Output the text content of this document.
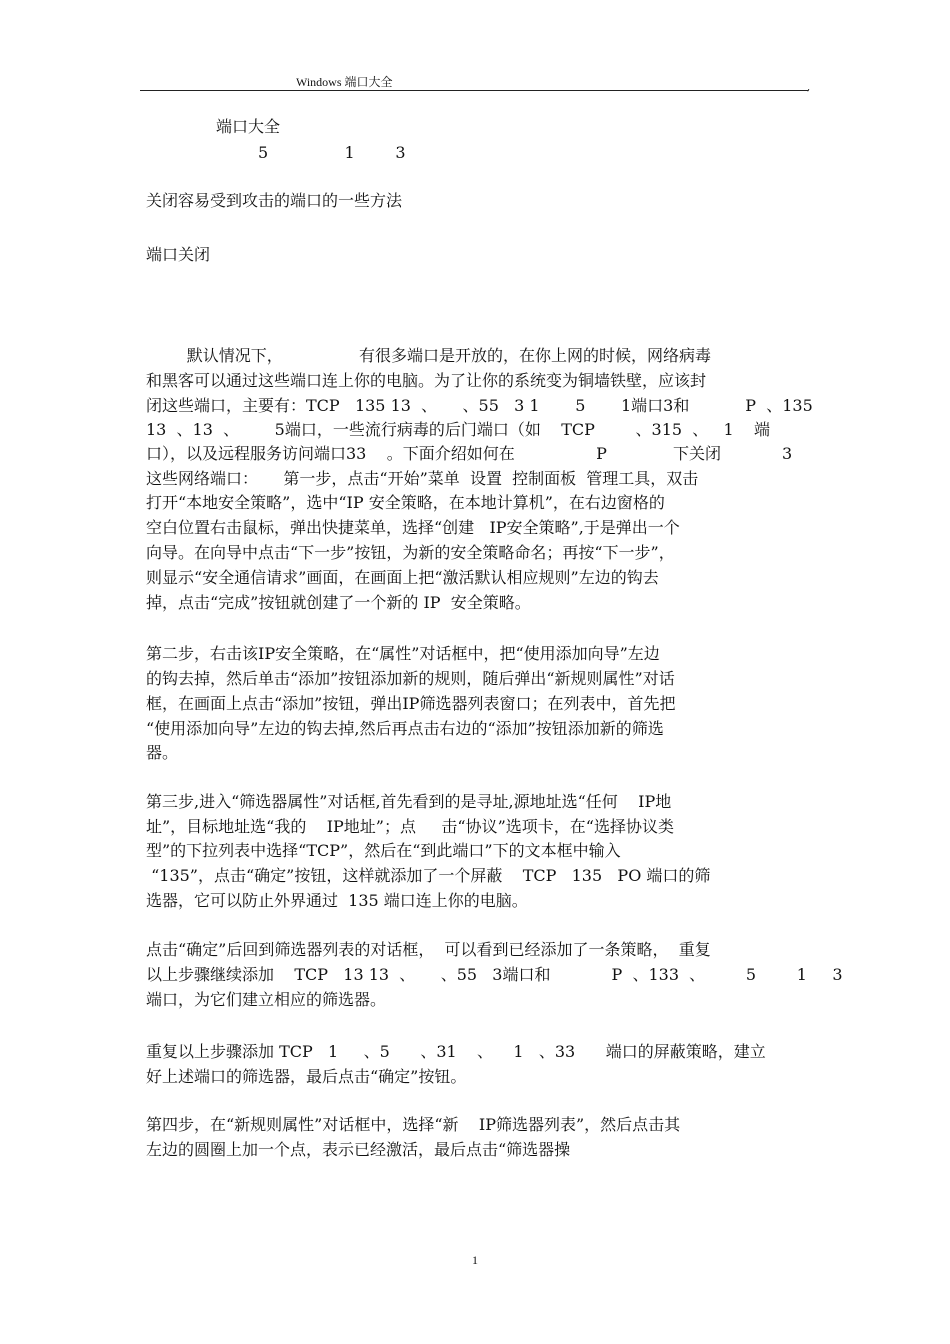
Windows 端口大全	,
端口大全
5               1        3
关闭容易受到攻击的端口的一些方法
端口关闭
默认情况下，               有很多端口是开放的，在你上网的时候，网络病毒
和黑客可以通过这些端口连上你的电脑。为了让你的系统变为铜墙铁壁，应该封
闭这些端口，主要有：TCP   135 13  、     、55   3 1       5       1端口3和           P  、135
13  、13  、       5端口，一些流行病毒的后门端口（如    TCP        、315  、   1    端
口），以及远程服务访问端口33    。下面介绍如何在                P             下关闭            3
这些网络端口：     第一步，点击“开始”菜单  设置  控制面板  管理工具，双击
打开“本地安全策略”，选中“IP 安全策略，在本地计算机”，在右边窗格的
空白位置右击鼠标，弹出快捷菜单，选择“创建   IP安全策略”,于是弹出一个
向导。在向导中点击“下一步”按钮，为新的安全策略命名；再按“下一步”，
则显示“安全通信请求”画面，在画面上把“激活默认相应规则”左边的钩去
掉，点击“完成”按钮就创建了一个新的 IP  安全策略。
第二步，右击该IP安全策略，在“属性”对话框中，把“使用添加向导”左边
的钩去掉，然后单击“添加”按钮添加新的规则，随后弹出“新规则属性”对话
框，在画面上点击“添加”按钮，弹出IP筛选器列表窗口；在列表中，首先把
“使用添加向导”左边的钩去掉,然后再点击右边的“添加”按钮添加新的筛选
器。
第三步,进入“筛选器属性”对话框,首先看到的是寻址,源地址选“任何    IP地
址”，目标地址选“我的    IP地址”；点     击“协议”选项卡，在“选择协议类
型”的下拉列表中选择“TCP”，然后在“到此端口”下的文本框中输入
“135”，点击“确定”按钮，这样就添加了一个屏蔽    TCP   135   PO 端口的筛
选器，它可以防止外界通过  135 端口连上你的电脑。
点击“确定”后回到筛选器列表的对话框，  可以看到已经添加了一条策略，  重复
以上步骤继续添加    TCP   13 13  、     、55   3端口和            P  、133  、        5        1     3
端口，为它们建立相应的筛选器。
重复以上步骤添加 TCP   1     、5      、31    、    1   、33      端口的屏蔽策略，建立
好上述端口的筛选器，最后点击“确定”按钮。
第四步，在“新规则属性”对话框中，选择“新    IP筛选器列表”，然后点击其
左边的圆圈上加一个点，表示已经激活，最后点击“筛选器操
1
